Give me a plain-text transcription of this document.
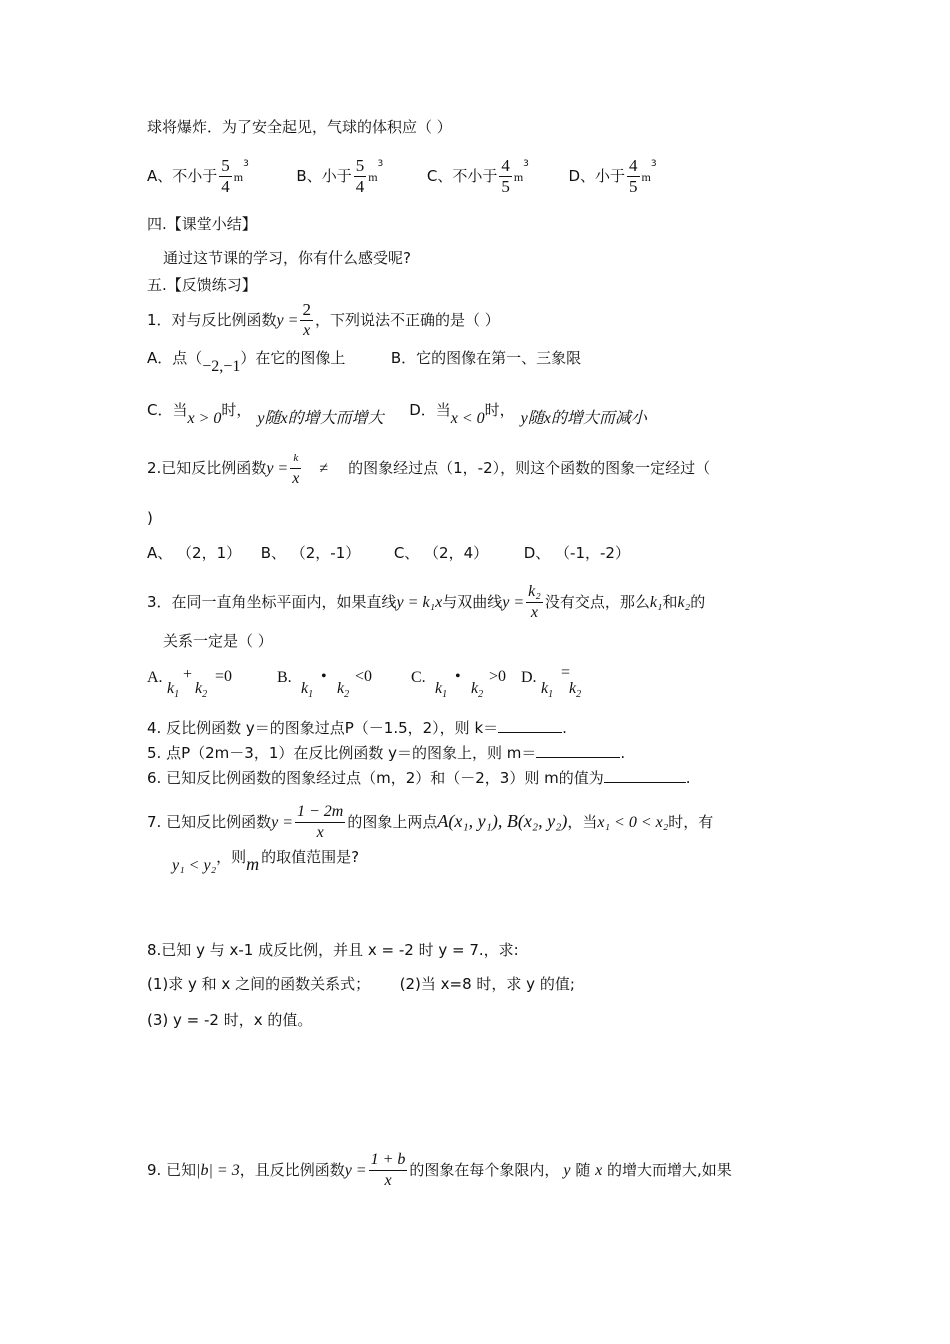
球将爆炸．为了安全起见，气球的体积应（ ）
A、不小于 $\frac{5}{4} m^3$  B、小于 $\frac{5}{4} m^3$  C、不小于 $\frac{4}{5} m^3$  D、小于 $\frac{4}{5} m^3$
四.【课堂小结】
通过这节课的学习，你有什么感受呢?
五.【反馈练习】
1．对与反比例函数$y = \frac{2}{x}$ ，下列说法不正确的是（ ）
A．点（−2,−1）在它的图像上	B．它的图像在第一、三象限
C．当x > 0时， y随x的增大而增大 D．当x < 0时， y随x的增大而减小
2.已知反比例函数$y = \frac{k}{x}$ ≠ 的图象经过点（1，-2），则这个函数的图象一定经过（
)
A、 （2，1） B、 （2，-1） C、 （2，4） D、 （-1，-2）
3．在同一直角坐标平面内，如果直线y = k₁x与双曲线$y = \frac{\text{k₂}}{x}$ 没有交点，那么k₁和k₂的
关系一定是（ ）
A.
$k_1$
+
$k_2$
=0	B.
$k_1$
•
$k_2$
<0 C.
$k_1$
•
$k_2$
>0 D.
$k_1$
=
$k_2$
4. 反比例函数 y＝的图象过点P（－1.5，2），则 k＝	.
5. 点P（2m－3，1）在反比例函数 y＝的图象上，则 m＝	.
6. 已知反比例函数的图象经过点（m，2）和（－2，3）则 m的值为	.
7. 已知反比例函数$y = \frac{1 - 2m}{x}$ 的图象上两点A(x₁, y₁), B(x₂, y₂)，当x₁ < 0 < x₂时，有
y₁ < y₂，则m 的取值范围是?
8.已知 y 与 x-1 成反比例，并且 x = -2 时 y = 7.，求:
(1)求 y 和 x 之间的函数关系式； (2)当 x=8 时，求 y 的值;
(3) y = -2 时，x 的值。
9. 已知|b| = 3，且反比例函数$y = \frac{1 + b}{x}$ 的图象在每个象限内， y 随 x 的增大而增大,如果
